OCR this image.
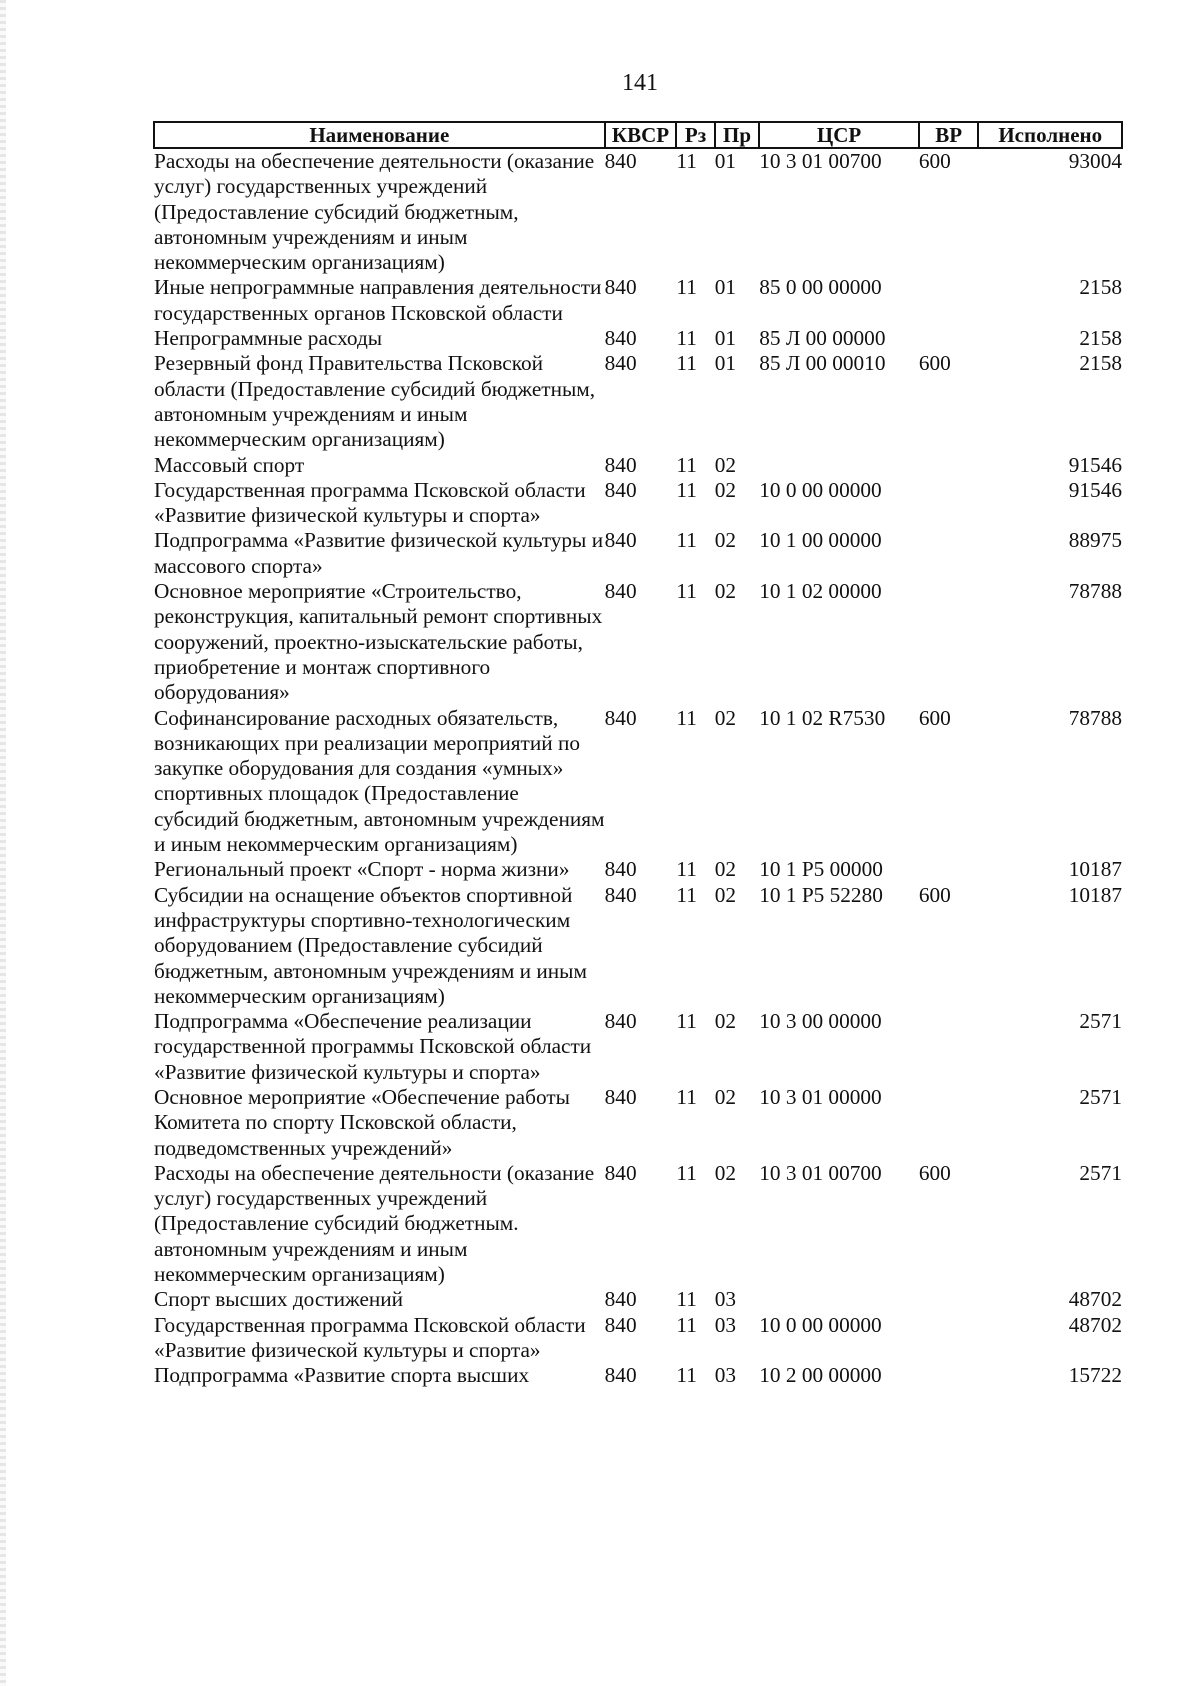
141
Наименование	КВСР	Рз	Пр	ЦСР	ВР	Исполнено
Расходы на обеспечение деятельности (оказание услуг) государственных учреждений (Предоставление субсидий бюджетным, автономным учреждениям и иным некоммерческим организациям)	840	11	01	10 3 01 00700	600	93004
Иные непрограммные направления деятельности государственных органов Псковской области	840	11	01	85 0 00 00000		2158
Непрограммные расходы	840	11	01	85 Л 00 00000		2158
Резервный фонд Правительства Псковской области (Предоставление субсидий бюджетным, автономным учреждениям и иным некоммерческим организациям)	840	11	01	85 Л 00 00010	600	2158
Массовый спорт	840	11	02			91546
Государственная программа Псковской области «Развитие физической культуры и спорта»	840	11	02	10 0 00 00000		91546
Подпрограмма «Развитие физической культуры и массового спорта»	840	11	02	10 1 00 00000		88975
Основное мероприятие «Строительство, реконструкция, капитальный ремонт спортивных сооружений, проектно-изыскательские работы, приобретение и монтаж спортивного оборудования»	840	11	02	10 1 02 00000		78788
Софинансирование расходных обязательств, возникающих при реализации мероприятий по закупке оборудования для создания «умных» спортивных площадок (Предоставление субсидий бюджетным, автономным учреждениям и иным некоммерческим организациям)	840	11	02	10 1 02 R7530	600	78788
Региональный проект «Спорт - норма жизни»	840	11	02	10 1 P5 00000		10187
Субсидии на оснащение объектов спортивной инфраструктуры спортивно-технологическим оборудованием (Предоставление субсидий бюджетным, автономным учреждениям и иным некоммерческим организациям)	840	11	02	10 1 P5 52280	600	10187
Подпрограмма «Обеспечение реализации государственной программы Псковской области «Развитие физической культуры и спорта»	840	11	02	10 3 00 00000		2571
Основное мероприятие «Обеспечение работы Комитета по спорту Псковской области, подведомственных учреждений»	840	11	02	10 3 01 00000		2571
Расходы на обеспечение деятельности (оказание услуг) государственных учреждений (Предоставление субсидий бюджетным. автономным учреждениям и иным некоммерческим организациям)	840	11	02	10 3 01 00700	600	2571
Спорт высших достижений	840	11	03			48702
Государственная программа Псковской области «Развитие физической культуры и спорта»	840	11	03	10 0 00 00000		48702
Подпрограмма «Развитие спорта высших	840	11	03	10 2 00 00000		15722
